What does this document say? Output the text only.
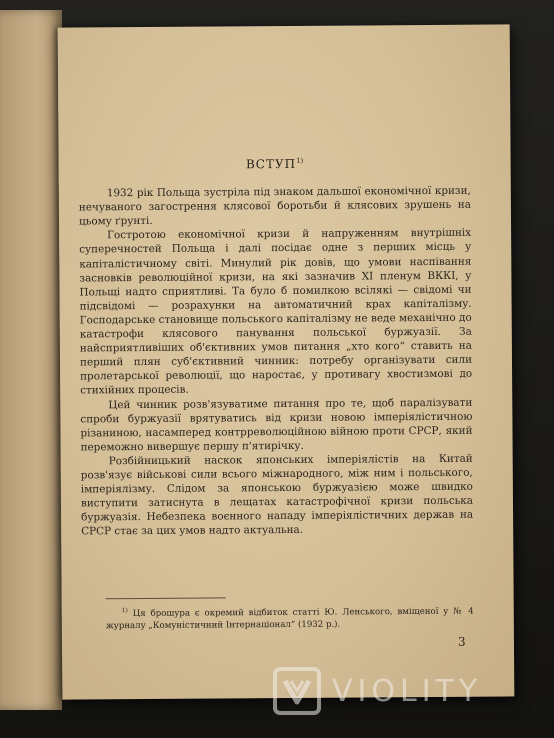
ВСТУП$^{1)}$

1932 рік Польща зустріла під знаком дальшої економічної кризи, нечуваного загострення клясової боротьби й клясових зрушень на цьому ґрунті.

Гостротою економічної кризи й напруженням внутрішніх суперечностей Польща і далі посідає одне з перших місць у капіталістичному світі. Минулий рік довів, що умови наспівання засновків революційної кризи, на які зазначив XI пленум ВККІ, у Польщі надто сприятливі. Та було б помилкою всілякі — свідомі чи підсвідомі — розрахунки на автоматичний крах капіталізму. Господарське становище польського капіталізму не веде механічно до катастрофи клясового панування польської буржуазії. За найсприятливіших об'єктивних умов питання „хто кого“ ставить на перший плян суб'єктивний чинник: потребу організувати сили пролетарської революції, що наростає, у противагу хвостизмові до стихійних процесів.

Цей чинник розв'язуватиме питання про те, щоб паралізувати спроби буржуазії врятуватись від кризи новою імперіялістичною різаниною, насамперед контрреволюційною війною проти СРСР, який переможно вивершує першу п'ятирічку.

Розбійницький наскок японських імперіялістів на Китай розв'язує військові сили всього міжнародного, між ним і польського, імперіялізму. Слідом за японською буржуазією може швидко виступити затиснута в лещатах катастрофічної кризи польська буржуазія. Небезпека воєнного нападу імперіялістичних держав на СРСР стає за цих умов надто актуальна.

$^{1)}$ Ця брошура є окремий відбиток статті Ю. Ленського, вміщеної у № 4 журналу „Комуністичний Інтернаціонал“ (1932 р.).
3
VIOLITY
